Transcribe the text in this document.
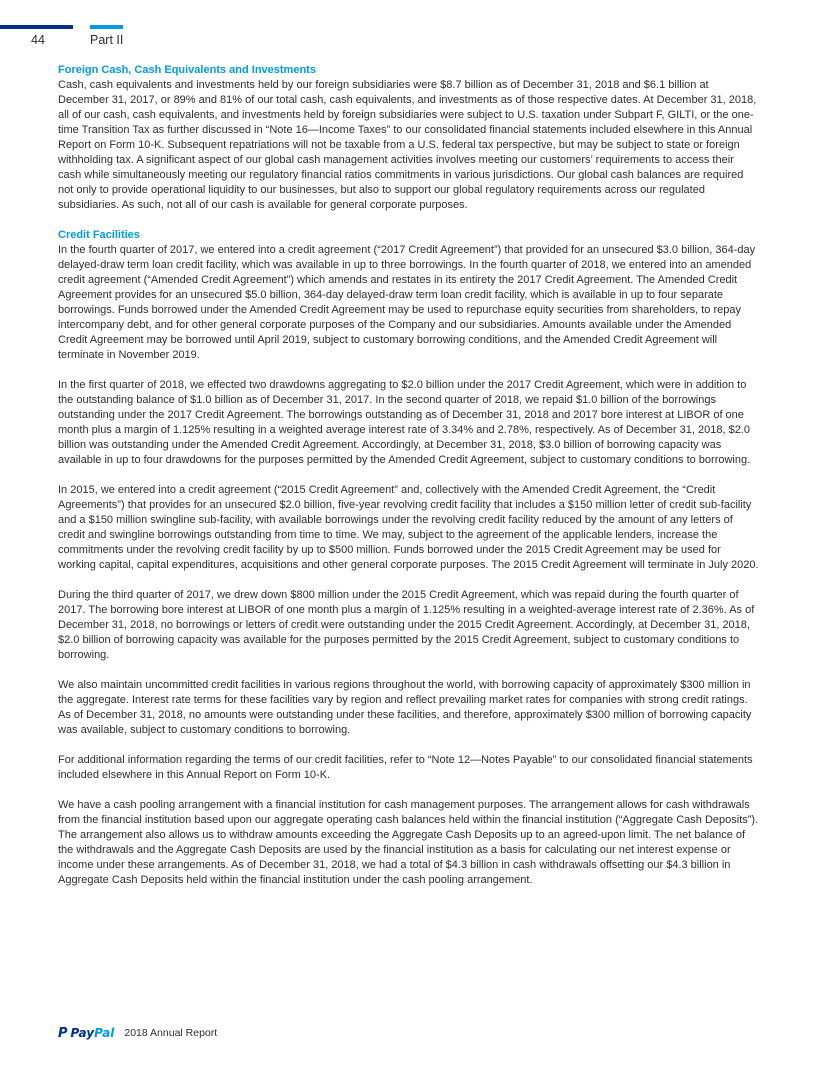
44	Part II
Foreign Cash, Cash Equivalents and Investments

Cash, cash equivalents and investments held by our foreign subsidiaries were $8.7 billion as of December 31, 2018 and $6.1 billion at December 31, 2017, or 89% and 81% of our total cash, cash equivalents, and investments as of those respective dates. At December 31, 2018, all of our cash, cash equivalents, and investments held by foreign subsidiaries were subject to U.S. taxation under Subpart F, GILTI, or the one-time Transition Tax as further discussed in “Note 16—Income Taxes” to our consolidated financial statements included elsewhere in this Annual Report on Form 10-K. Subsequent repatriations will not be taxable from a U.S. federal tax perspective, but may be subject to state or foreign withholding tax. A significant aspect of our global cash management activities involves meeting our customers’ requirements to access their cash while simultaneously meeting our regulatory financial ratios commitments in various jurisdictions. Our global cash balances are required not only to provide operational liquidity to our businesses, but also to support our global regulatory requirements across our regulated subsidiaries. As such, not all of our cash is available for general corporate purposes.

Credit Facilities

In the fourth quarter of 2017, we entered into a credit agreement (“2017 Credit Agreement”) that provided for an unsecured $3.0 billion, 364-day delayed-draw term loan credit facility, which was available in up to three borrowings. In the fourth quarter of 2018, we entered into an amended credit agreement (“Amended Credit Agreement”) which amends and restates in its entirety the 2017 Credit Agreement. The Amended Credit Agreement provides for an unsecured $5.0 billion, 364-day delayed-draw term loan credit facility, which is available in up to four separate borrowings. Funds borrowed under the Amended Credit Agreement may be used to repurchase equity securities from shareholders, to repay intercompany debt, and for other general corporate purposes of the Company and our subsidiaries. Amounts available under the Amended Credit Agreement may be borrowed until April 2019, subject to customary borrowing conditions, and the Amended Credit Agreement will terminate in November 2019.

In the first quarter of 2018, we effected two drawdowns aggregating to $2.0 billion under the 2017 Credit Agreement, which were in addition to the outstanding balance of $1.0 billion as of December 31, 2017. In the second quarter of 2018, we repaid $1.0 billion of the borrowings outstanding under the 2017 Credit Agreement. The borrowings outstanding as of December 31, 2018 and 2017 bore interest at LIBOR of one month plus a margin of 1.125% resulting in a weighted average interest rate of 3.34% and 2.78%, respectively. As of December 31, 2018, $2.0 billion was outstanding under the Amended Credit Agreement. Accordingly, at December 31, 2018, $3.0 billion of borrowing capacity was available in up to four drawdowns for the purposes permitted by the Amended Credit Agreement, subject to customary conditions to borrowing.

In 2015, we entered into a credit agreement (“2015 Credit Agreement” and, collectively with the Amended Credit Agreement, the “Credit Agreements”) that provides for an unsecured $2.0 billion, five-year revolving credit facility that includes a $150 million letter of credit sub-facility and a $150 million swingline sub-facility, with available borrowings under the revolving credit facility reduced by the amount of any letters of credit and swingline borrowings outstanding from time to time. We may, subject to the agreement of the applicable lenders, increase the commitments under the revolving credit facility by up to $500 million. Funds borrowed under the 2015 Credit Agreement may be used for working capital, capital expenditures, acquisitions and other general corporate purposes. The 2015 Credit Agreement will terminate in July 2020.

During the third quarter of 2017, we drew down $800 million under the 2015 Credit Agreement, which was repaid during the fourth quarter of 2017. The borrowing bore interest at LIBOR of one month plus a margin of 1.125% resulting in a weighted-average interest rate of 2.36%. As of December 31, 2018, no borrowings or letters of credit were outstanding under the 2015 Credit Agreement. Accordingly, at December 31, 2018, $2.0 billion of borrowing capacity was available for the purposes permitted by the 2015 Credit Agreement, subject to customary conditions to borrowing.

We also maintain uncommitted credit facilities in various regions throughout the world, with borrowing capacity of approximately $300 million in the aggregate. Interest rate terms for these facilities vary by region and reflect prevailing market rates for companies with strong credit ratings. As of December 31, 2018, no amounts were outstanding under these facilities, and therefore, approximately $300 million of borrowing capacity was available, subject to customary conditions to borrowing.

For additional information regarding the terms of our credit facilities, refer to “Note 12—Notes Payable” to our consolidated financial statements included elsewhere in this Annual Report on Form 10-K.

We have a cash pooling arrangement with a financial institution for cash management purposes. The arrangement allows for cash withdrawals from the financial institution based upon our aggregate operating cash balances held within the financial institution (“Aggregate Cash Deposits”). The arrangement also allows us to withdraw amounts exceeding the Aggregate Cash Deposits up to an agreed-upon limit. The net balance of the withdrawals and the Aggregate Cash Deposits are used by the financial institution as a basis for calculating our net interest expense or income under these arrangements. As of December 31, 2018, we had a total of $4.3 billion in cash withdrawals offsetting our $4.3 billion in Aggregate Cash Deposits held within the financial institution under the cash pooling arrangement.

P PayPal 2018 Annual Report
